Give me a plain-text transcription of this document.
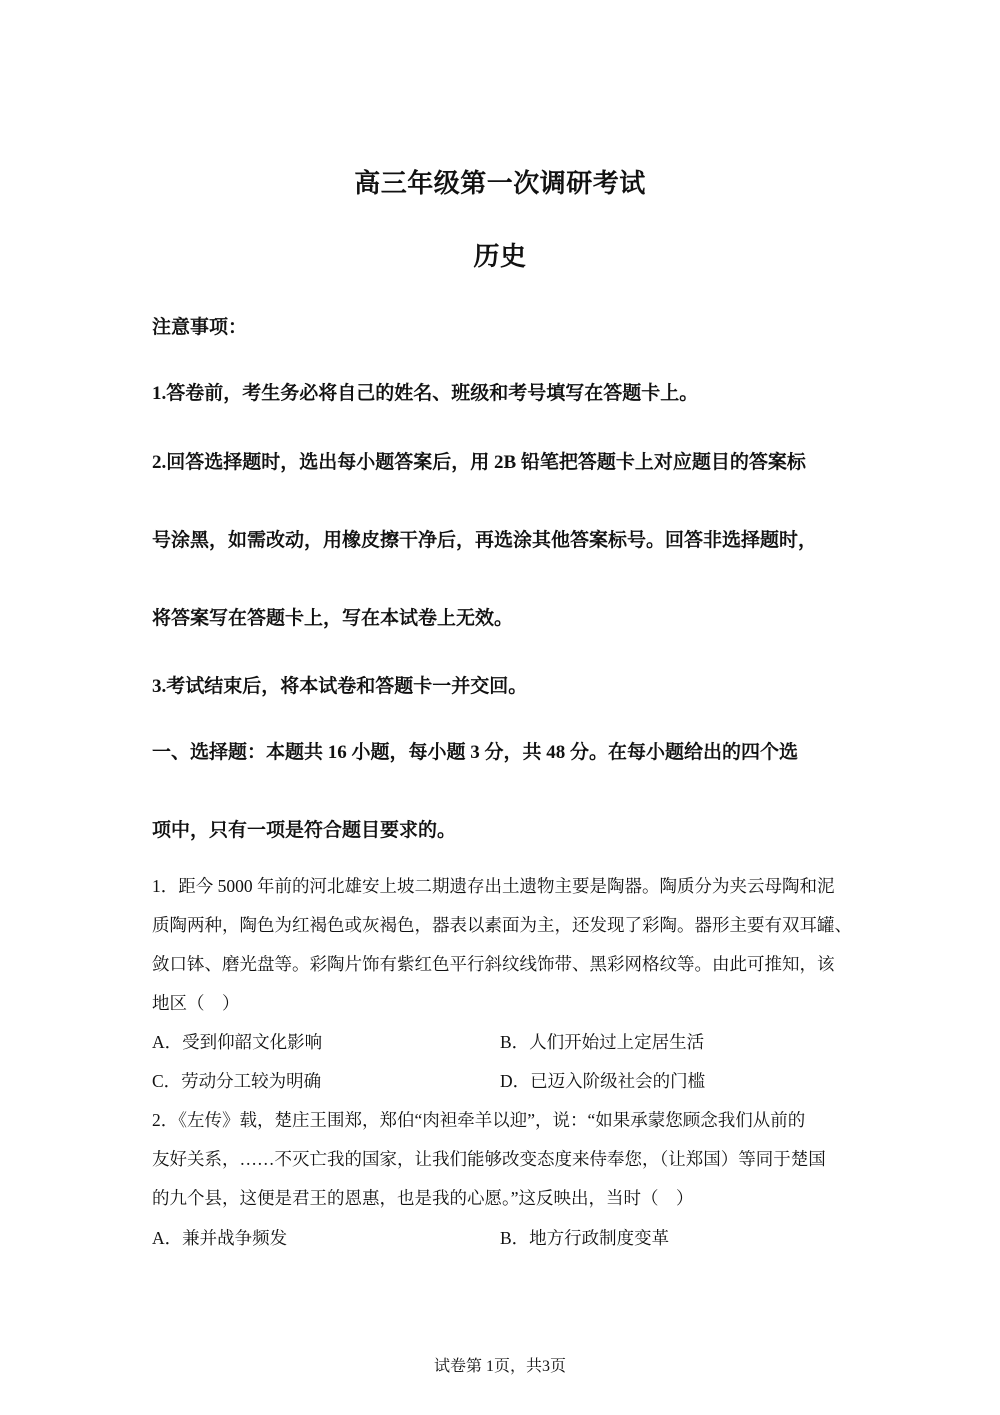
高三年级第一次调研考试
历史
注意事项：
1.答卷前，考生务必将自己的姓名、班级和考号填写在答题卡上。
2.回答选择题时，选出每小题答案后，用 2B 铅笔把答题卡上对应题目的答案标
号涂黑，如需改动，用橡皮擦干净后，再选涂其他答案标号。回答非选择题时，
将答案写在答题卡上，写在本试卷上无效。
3.考试结束后，将本试卷和答题卡一并交回。
一、选择题：本题共 16 小题，每小题 3 分，共 48 分。在每小题给出的四个选
项中，只有一项是符合题目要求的。
1．距今 5000 年前的河北雄安上坡二期遗存出土遗物主要是陶器。陶质分为夹云母陶和泥
质陶两种，陶色为红褐色或灰褐色，器表以素面为主，还发现了彩陶。器形主要有双耳罐、
敛口钵、磨光盘等。彩陶片饰有紫红色平行斜纹线饰带、黑彩网格纹等。由此可推知，该
地区（　）
A．受到仰韶文化影响	B．人们开始过上定居生活
C．劳动分工较为明确	D．已迈入阶级社会的门槛
2．《左传》载，楚庄王围郑，郑伯“肉袒牵羊以迎”，说：“如果承蒙您顾念我们从前的
友好关系，……不灭亡我的国家，让我们能够改变态度来侍奉您，（让郑国）等同于楚国
的九个县，这便是君王的恩惠，也是我的心愿。”这反映出，当时（　）
A．兼并战争频发	B．地方行政制度变革
试卷第 1页，共3页
